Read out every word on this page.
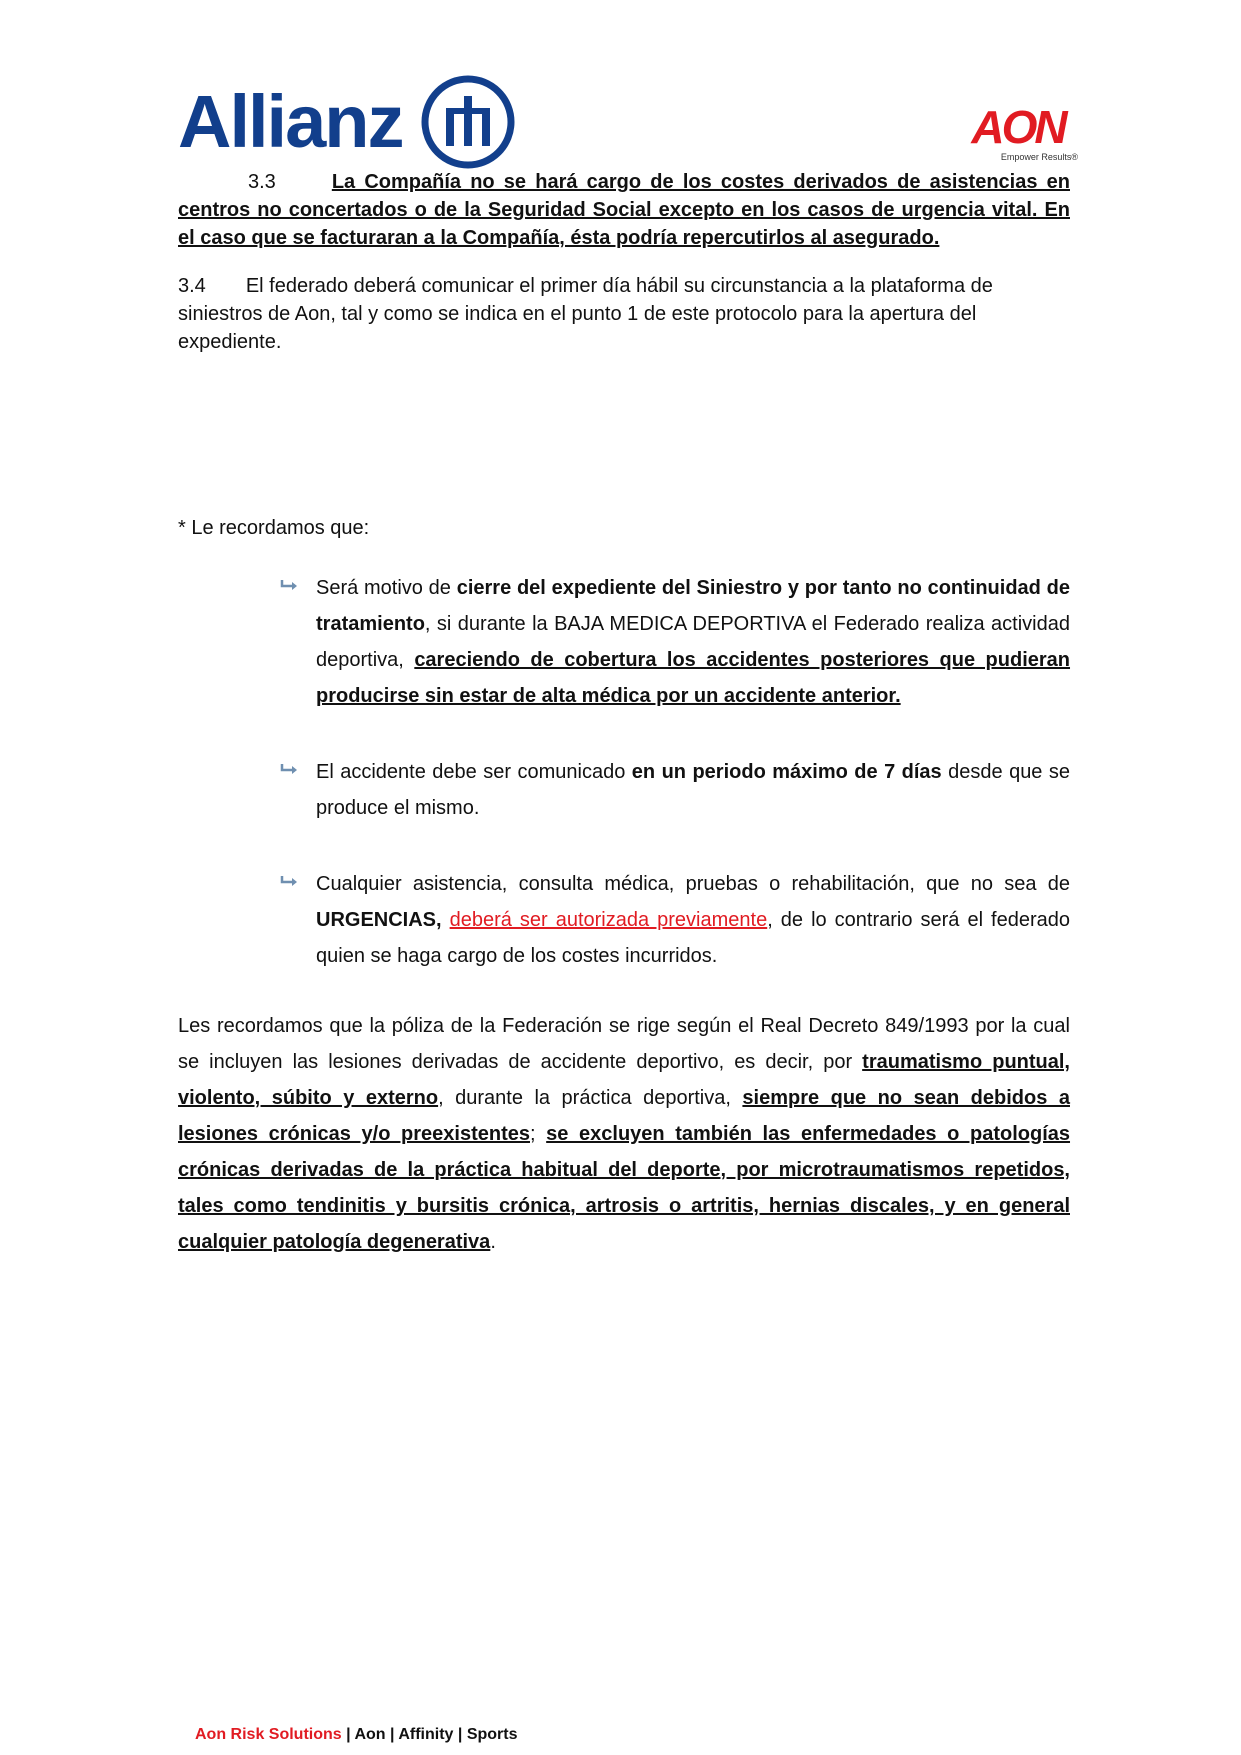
Allianz	AON
Empower Results®

3.3	La Compañía no se hará cargo de los costes derivados de asistencias en centros no concertados o de la Seguridad Social excepto en los casos de urgencia vital. En el caso que se facturaran a la Compañía, ésta podría repercutirlos al asegurado.

3.4 El federado deberá comunicar el primer día hábil su circunstancia a la plataforma de siniestros de Aon, tal y como se indica en el punto 1 de este protocolo para la apertura del expediente.

* Le recordamos que:

Será motivo de cierre del expediente del Siniestro y por tanto no continuidad de tratamiento, si durante la BAJA MEDICA DEPORTIVA el Federado realiza actividad deportiva, careciendo de cobertura los accidentes posteriores que pudieran producirse sin estar de alta médica por un accidente anterior.
El accidente debe ser comunicado en un periodo máximo de 7 días desde que se produce el mismo.
Cualquier asistencia, consulta médica, pruebas o rehabilitación, que no sea de URGENCIAS, deberá ser autorizada previamente, de lo contrario será el federado quien se haga cargo de los costes incurridos.
Les recordamos que la póliza de la Federación se rige según el Real Decreto 849/1993 por la cual se incluyen las lesiones derivadas de accidente deportivo, es decir, por traumatismo puntual, violento, súbito y externo, durante la práctica deportiva, siempre que no sean debidos a lesiones crónicas y/o preexistentes; se excluyen también las enfermedades o patologías crónicas derivadas de la práctica habitual del deporte, por microtraumatismos repetidos, tales como tendinitis y bursitis crónica, artrosis o artritis, hernias discales, y en general cualquier patología degenerativa.
Aon Risk Solutions | Aon | Affinity | Sports
